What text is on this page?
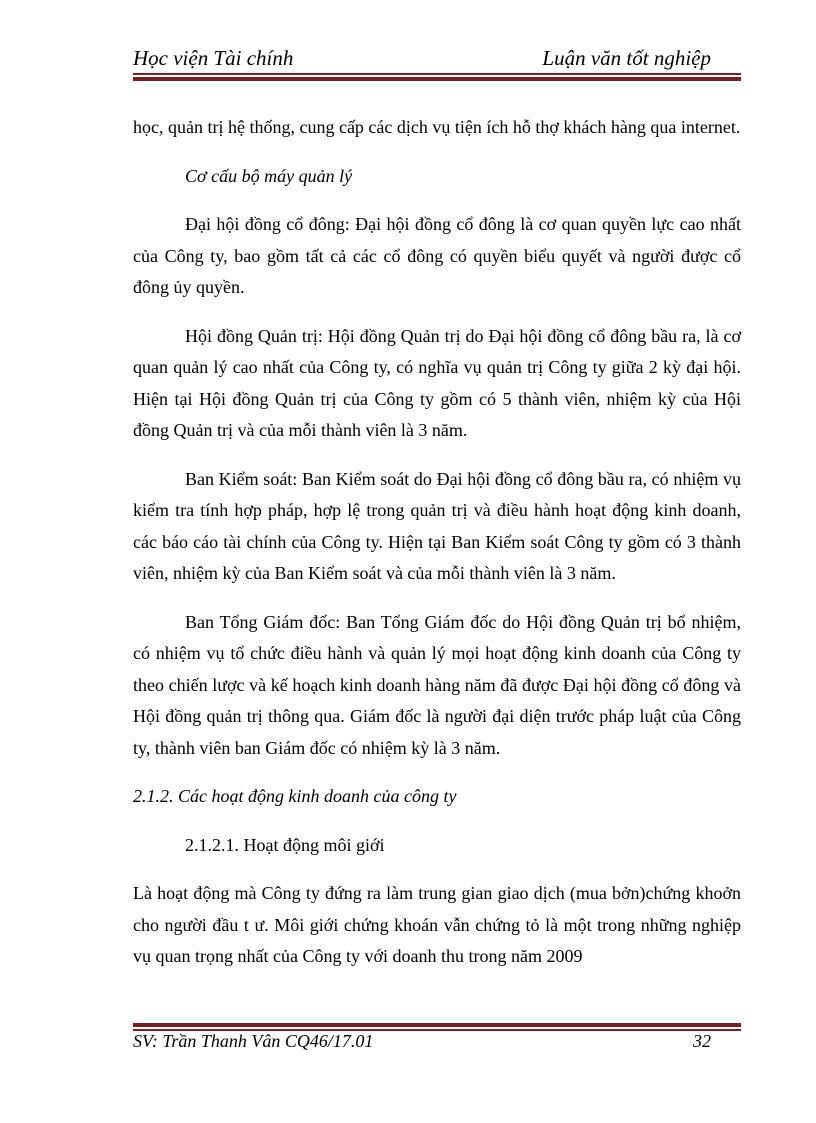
Học viện Tài chính	Luận văn tốt nghiệp

học, quản trị hệ thống, cung cấp các dịch vụ tiện ích hỗ thợ khách hàng qua internet.

Cơ cấu bộ máy quản lý

Đại hội đồng cổ đông: Đại hội đồng cổ đông là cơ quan quyền lực cao nhất của Công ty, bao gồm tất cả các cổ đông có quyền biểu quyết và người được cổ đông ủy quyền.

Hội đồng Quản trị: Hội đồng Quản trị do Đại hội đồng cổ đông bầu ra, là cơ quan quản lý cao nhất của Công ty, có nghĩa vụ quản trị Công ty giữa 2 kỳ đại hội. Hiện tại Hội đồng Quản trị của Công ty gồm có 5 thành viên, nhiệm kỳ của Hội đồng Quản trị và của mỗi thành viên là 3 năm.

Ban Kiểm soát: Ban Kiểm soát do Đại hội đồng cổ đông bầu ra, có nhiệm vụ kiểm tra tính hợp pháp, hợp lệ trong quản trị và điều hành hoạt động kinh doanh, các báo cáo tài chính của Công ty. Hiện tại Ban Kiểm soát Công ty gồm có 3 thành viên, nhiệm kỳ của Ban Kiểm soát và của mỗi thành viên là 3 năm.

Ban Tổng Giám đốc: Ban Tổng Giám đốc do Hội đồng Quản trị bổ nhiệm, có nhiệm vụ tổ chức điều hành và quản lý mọi hoạt động kinh doanh của Công ty theo chiến lược và kế hoạch kinh doanh hàng năm đã được Đại hội đồng cổ đông và Hội đồng quản trị thông qua. Giám đốc là người đại diện trước pháp luật của Công ty, thành viên ban Giám đốc có nhiệm kỳ là 3 năm.

2.1.2. Các hoạt động kinh doanh của công ty

2.1.2.1. Hoạt động môi giới

Là hoạt động mà Công ty đứng ra làm trung gian giao dịch (mua bởn)chứng khoởn cho người đầu t ư. Môi giới chứng khoán vẫn chứng tỏ là một trong những nghiệp vụ quan trọng nhất của Công ty với doanh thu trong năm 2009

SV: Trần Thanh Vân CQ46/17.01	32
